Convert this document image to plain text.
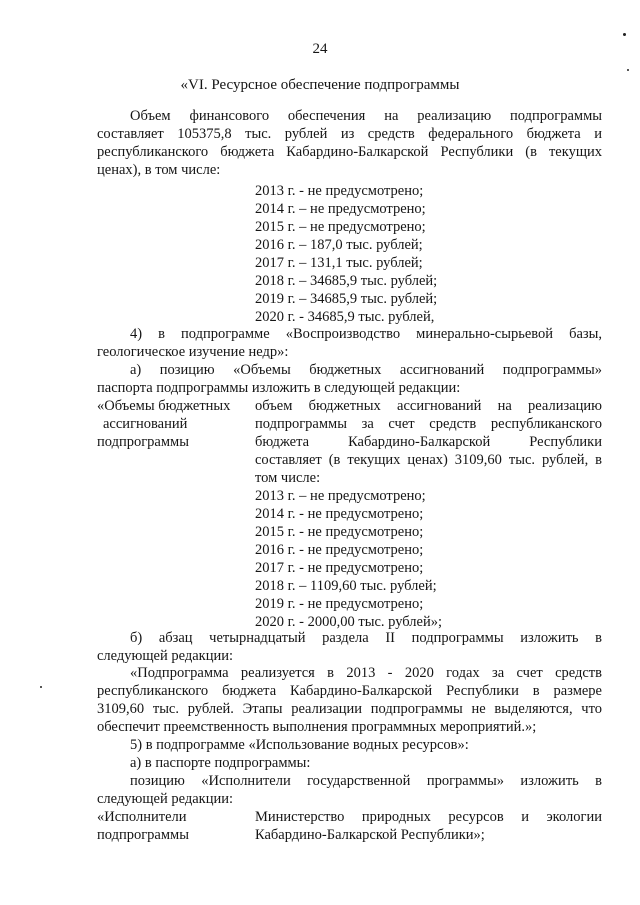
24
«VI. Ресурсное обеспечение подпрограммы
Объем финансового обеспечения на реализацию подпрограммы
составляет 105375,8 тыс. рублей из средств федерального бюджета и
республиканского бюджета Кабардино-Балкарской Республики (в текущих
ценах), в том числе:
2013 г. - не предусмотрено;
2014 г. – не предусмотрено;
2015 г. – не предусмотрено;
2016 г. – 187,0 тыс. рублей;
2017 г. – 131,1 тыс. рублей;
2018 г. – 34685,9 тыс. рублей;
2019 г. – 34685,9 тыс. рублей;
2020 г. - 34685,9 тыс. рублей,
4) в подпрограмме «Воспроизводство минерально-сырьевой базы,
геологическое изучение недр»:
а) позицию «Объемы бюджетных ассигнований подпрограммы»
паспорта подпрограммы изложить в следующей редакции:
«Объемы бюджетных
ассигнований
подпрограммы
объем бюджетных ассигнований на реализацию
подпрограммы за счет средств республиканского
бюджета Кабардино-Балкарской Республики
составляет (в текущих ценах) 3109,60 тыс. рублей, в
том числе:
2013 г. – не предусмотрено;
2014 г. - не предусмотрено;
2015 г. - не предусмотрено;
2016 г. - не предусмотрено;
2017 г. - не предусмотрено;
2018 г. – 1109,60 тыс. рублей;
2019 г. - не предусмотрено;
2020 г. - 2000,00 тыс. рублей»;
б) абзац четырнадцатый раздела II подпрограммы изложить в
следующей редакции:
«Подпрограмма реализуется в 2013 - 2020 годах за счет средств
республиканского бюджета Кабардино-Балкарской Республики в размере
3109,60 тыс. рублей. Этапы реализации подпрограммы не выделяются, что
обеспечит преемственность выполнения программных мероприятий.»;
5) в подпрограмме «Использование водных ресурсов»:
а) в паспорте подпрограммы:
позицию «Исполнители государственной программы» изложить в
следующей редакции:
«Исполнители
подпрограммы
Министерство природных ресурсов и экологии
Кабардино-Балкарской Республики»;
